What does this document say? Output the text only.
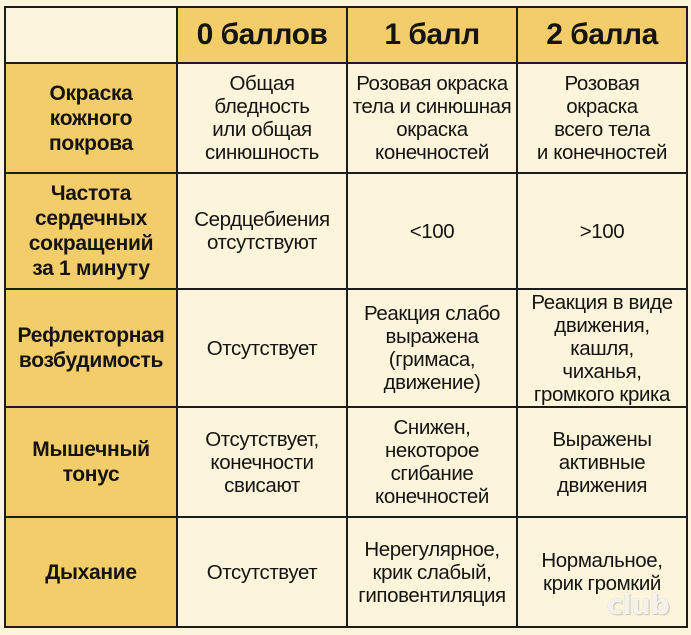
	0 баллов	1 балл	2 балла

Окраска
кожного
покрова	Общая
бледность
или общая
синюшность	Розовая окраска
тела и синюшная
окраска
конечностей	Розовая
окраска
всего тела
и конечностей

Частота
сердечных
сокращений
за 1 минуту	Сердцебиения
отсутствуют	<100	>100

Рефлекторная
возбудимость	Отсутствует	Реакция слабо
выражена
(гримаса,
движение)	Реакция в виде
движения, кашля,
чиханья,
громкого крика

Мышечный
тонус	Отсутствует,
конечности
свисают	Снижен,
некоторое
сгибание
конечностей	Выражены
активные
движения

Дыхание	Отсутствует	Нерегулярное,
крик слабый,
гиповентиляция	Нормальное,
крик громкий
club
